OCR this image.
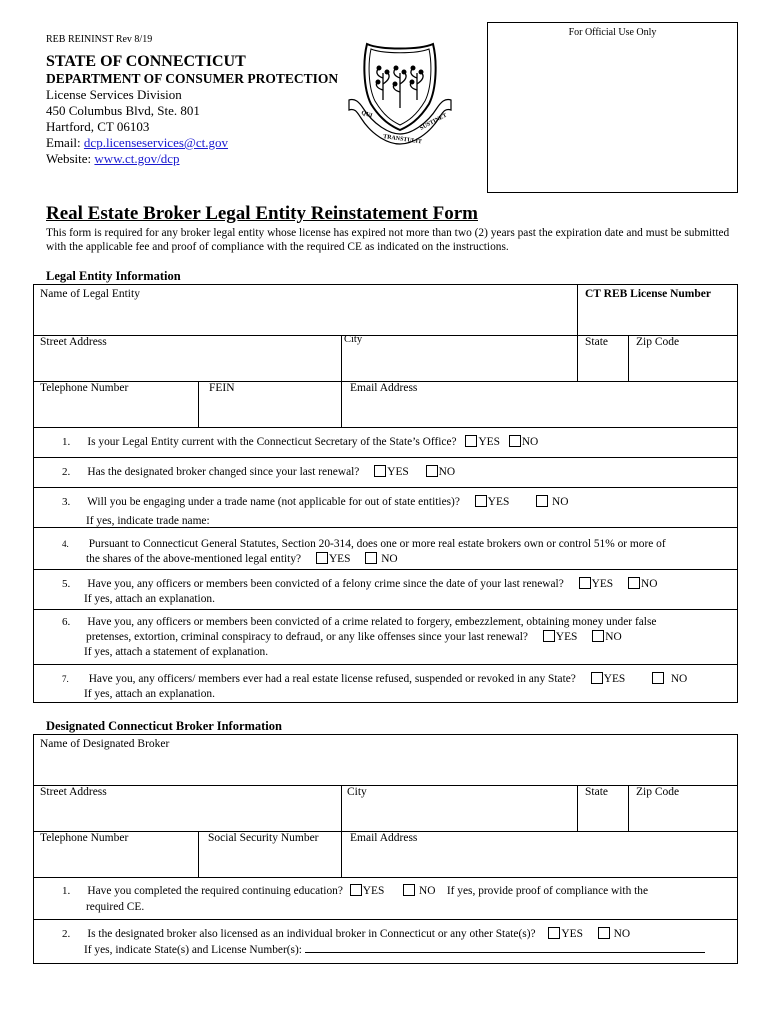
REB REININST Rev 8/19
For Official Use Only
STATE OF CONNECTICUT
DEPARTMENT OF CONSUMER PROTECTION
License Services Division
450 Columbus Blvd, Ste. 801
Hartford, CT 06103
Email: dcp.licenseservices@ct.gov
Website: www.ct.gov/dcp
QUI
TRANSTULIT
SUSTINET
Real Estate Broker Legal Entity Reinstatement Form
This form is required for any broker legal entity whose license has expired not more than two (2) years past the expiration date and must be submitted with the applicable fee and proof of compliance with the required CE as indicated on the instructions.
Legal Entity Information
Name of Legal Entity	CT REB License Number
Street Address	City	State Zip Code
Telephone Number	FEIN	Email Address
1. Is your Legal Entity current with the Connecticut Secretary of the State’s Office? YES NO
2. Has the designated broker changed since your last renewal? YES	NO
3. Will you be engaging under a trade name (not applicable for out of state entities)? YES	NO
If yes, indicate trade name:
4. Pursuant to Connecticut General Statutes, Section 20-314, does one or more real estate brokers own or control 51% or more of
the shares of the above-mentioned legal entity? YES	NO
5. Have you, any officers or members been convicted of a felony crime since the date of your last renewal? YES NO
If yes, attach an explanation.
6. Have you, any officers or members been convicted of a crime related to forgery, embezzlement, obtaining money under false
pretenses, extortion, criminal conspiracy to defraud, or any like offenses since your last renewal? YES NO
If yes, attach a statement of explanation.
7. Have you, any officers/ members ever had a real estate license refused, suspended or revoked in any State? YES	NO
If yes, attach an explanation.
Designated Connecticut Broker Information
Name of Designated Broker
Street Address	City	State Zip Code
Telephone Number	Social Security Number	Email Address
1. Have you completed the required continuing education? YES	NO If yes, provide proof of compliance with the
required CE.
2. Is the designated broker also licensed as an individual broker in Connecticut or any other State(s)? YES	NO
If yes, indicate State(s) and License Number(s):
